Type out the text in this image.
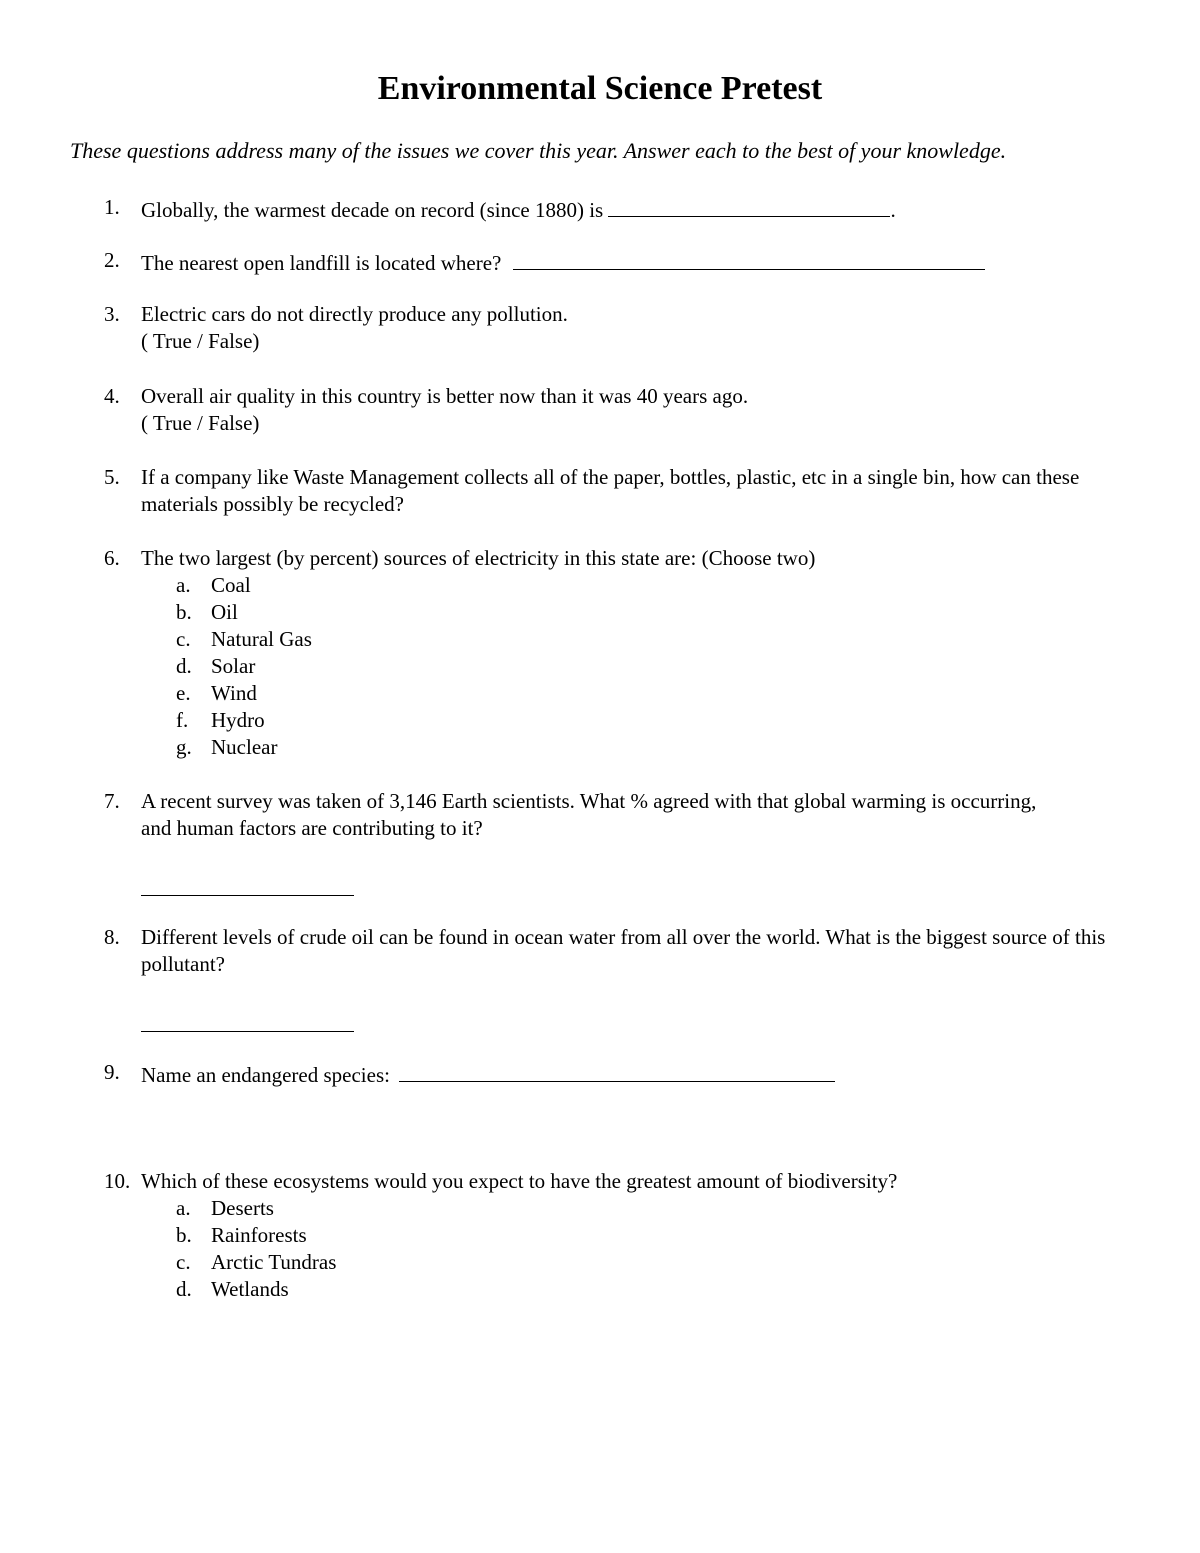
Environmental Science Pretest
These questions address many of the issues we cover this year. Answer each to the best of your knowledge.
1. Globally, the warmest decade on record (since 1880) is	.
2. The nearest open landfill is located where?
3. Electric cars do not directly produce any pollution.
( True / False)
4. Overall air quality in this country is better now than it was 40 years ago.
( True / False)
5. If a company like Waste Management collects all of the paper, bottles, plastic, etc in a single bin, how can these materials possibly be recycled?
6. The two largest (by percent) sources of electricity in this state are: (Choose two)
a. Coal
b. Oil
c. Natural Gas
d. Solar
e. Wind
f. Hydro
g. Nuclear
7. A recent survey was taken of 3,146 Earth scientists. What % agreed with that global warming is occurring, and human factors are contributing to it?
8. Different levels of crude oil can be found in ocean water from all over the world. What is the biggest source of this pollutant?
9. Name an endangered species:
10. Which of these ecosystems would you expect to have the greatest amount of biodiversity?
a. Deserts
b. Rainforests
c. Arctic Tundras
d. Wetlands
